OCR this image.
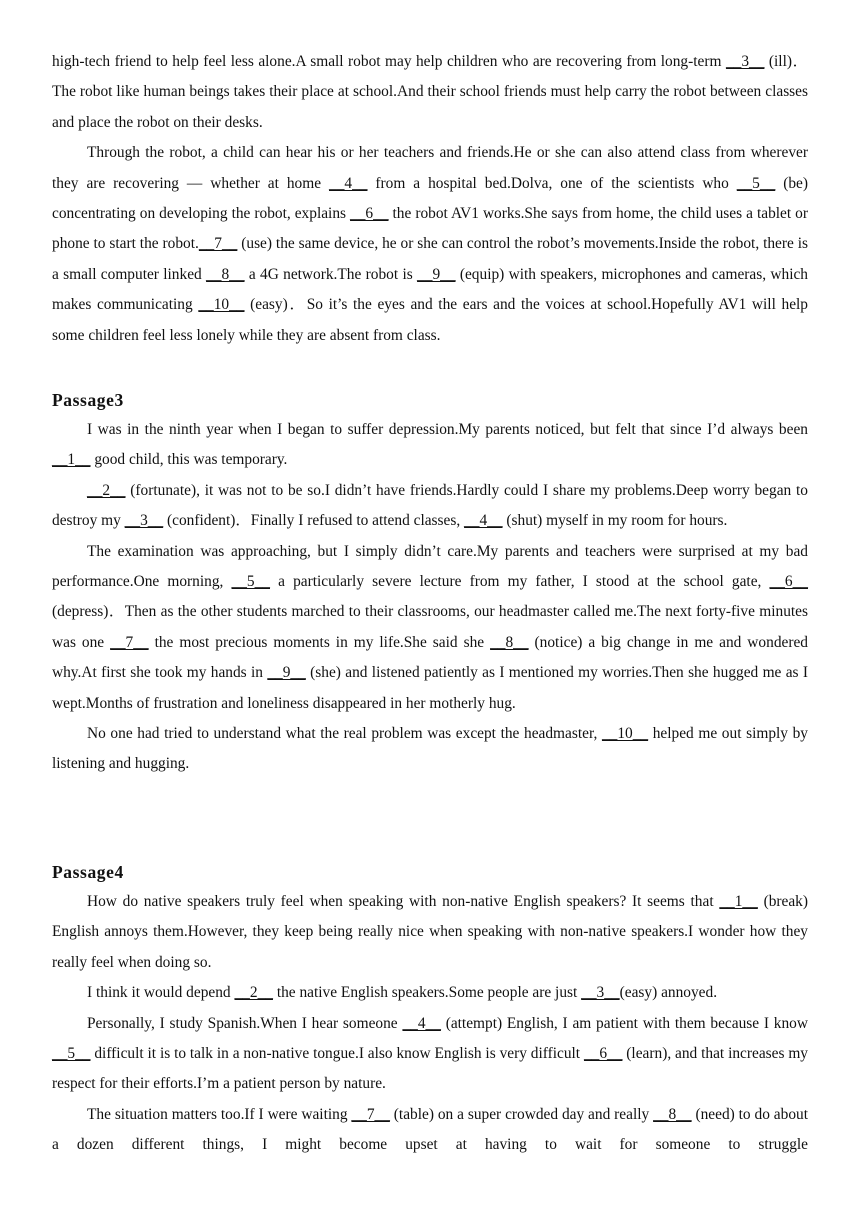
high-tech friend to help feel less alone.A small robot may help children who are recovering from long-term __3__ (ill)．The robot like human beings takes their place at school.And their school friends must help carry the robot between classes and place the robot on their desks.

Through the robot, a child can hear his or her teachers and friends.He or she can also attend class from wherever they are recovering — whether at home __4__ from a hospital bed.Dolva, one of the scientists who __5__ (be) concentrating on developing the robot, explains __6__ the robot AV1 works.She says from home, the child uses a tablet or phone to start the robot.__7__ (use) the same device, he or she can control the robot’s movements.Inside the robot, there is a small computer linked __8__ a 4G network.The robot is __9__ (equip) with speakers, microphones and cameras, which makes communicating __10__ (easy)．So it’s the eyes and the ears and the voices at school.Hopefully AV1 will help some children feel less lonely while they are absent from class.

Passage3

I was in the ninth year when I began to suffer depression.My parents noticed, but felt that since I’d always been __1__ good child, this was temporary.

__2__ (fortunate), it was not to be so.I didn’t have friends.Hardly could I share my problems.Deep worry began to destroy my __3__ (confident)．Finally I refused to attend classes, __4__ (shut) myself in my room for hours.

The examination was approaching, but I simply didn’t care.My parents and teachers were surprised at my bad performance.One morning, __5__ a particularly severe lecture from my father, I stood at the school gate, __6__ (depress)．Then as the other students marched to their classrooms, our headmaster called me.The next forty-five minutes was one __7__ the most precious moments in my life.She said she __8__ (notice) a big change in me and wondered why.At first she took my hands in __9__ (she) and listened patiently as I mentioned my worries.Then she hugged me as I wept.Months of frustration and loneliness disappeared in her motherly hug.

No one had tried to understand what the real problem was except the headmaster, __10__ helped me out simply by listening and hugging.

Passage4

How do native speakers truly feel when speaking with non-native English speakers? It seems that __1__ (break) English annoys them.However, they keep being really nice when speaking with non-native speakers.I wonder how they really feel when doing so.

I think it would depend __2__ the native English speakers.Some people are just __3__(easy) annoyed.

Personally, I study Spanish.When I hear someone __4__ (attempt) English, I am patient with them because I know __5__ difficult it is to talk in a non-native tongue.I also know English is very difficult __6__ (learn), and that increases my respect for their efforts.I’m a patient person by nature.

The situation matters too.If I were waiting __7__ (table) on a super crowded day and really __8__ (need) to do about a dozen different things, I might become upset at having to wait for someone to struggle
